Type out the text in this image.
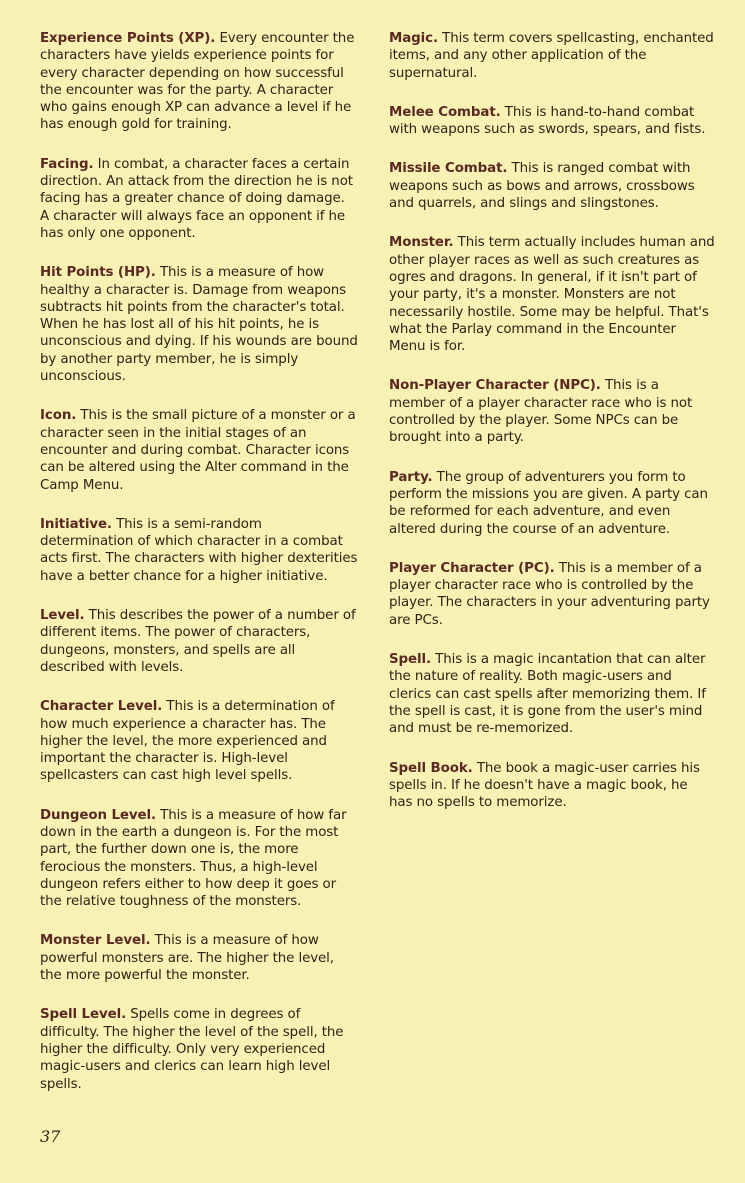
Experience Points (XP). Every encounter the characters have yields experience points for every character depending on how successful the encounter was for the party. A character who gains enough XP can advance a level if he has enough gold for training.

Facing. In combat, a character faces a certain direction. An attack from the direction he is not facing has a greater chance of doing damage. A character will always face an opponent if he has only one opponent.

Hit Points (HP). This is a measure of how healthy a character is. Damage from weapons subtracts hit points from the character's total. When he has lost all of his hit points, he is unconscious and dying. If his wounds are bound by another party member, he is simply unconscious.

Icon. This is the small picture of a monster or a character seen in the initial stages of an encounter and during combat. Character icons can be altered using the Alter command in the Camp Menu.

Initiative. This is a semi-random determination of which character in a combat acts first. The characters with higher dexterities have a better chance for a higher initiative.

Level. This describes the power of a number of different items. The power of characters, dungeons, monsters, and spells are all described with levels.

Character Level. This is a determination of how much experience a character has. The higher the level, the more experienced and important the character is. High-level spellcasters can cast high level spells.

Dungeon Level. This is a measure of how far down in the earth a dungeon is. For the most part, the further down one is, the more ferocious the monsters. Thus, a high-level dungeon refers either to how deep it goes or the relative toughness of the monsters.

Monster Level. This is a measure of how powerful monsters are. The higher the level, the more powerful the monster.

Spell Level. Spells come in degrees of difficulty. The higher the level of the spell, the higher the difficulty. Only very experienced magic-users and clerics can learn high level spells.

Magic. This term covers spellcasting, enchanted items, and any other application of the supernatural.

Melee Combat. This is hand-to-hand combat with weapons such as swords, spears, and fists.

Missile Combat. This is ranged combat with weapons such as bows and arrows, crossbows and quarrels, and slings and slingstones.

Monster. This term actually includes human and other player races as well as such creatures as ogres and dragons. In general, if it isn't part of your party, it's a monster. Monsters are not necessarily hostile. Some may be helpful. That's what the Parlay command in the Encounter Menu is for.

Non-Player Character (NPC). This is a member of a player character race who is not controlled by the player. Some NPCs can be brought into a party.

Party. The group of adventurers you form to perform the missions you are given. A party can be reformed for each adventure, and even altered during the course of an adventure.

Player Character (PC). This is a member of a player character race who is controlled by the player. The characters in your adventuring party are PCs.

Spell. This is a magic incantation that can alter the nature of reality. Both magic-users and clerics can cast spells after memorizing them. If the spell is cast, it is gone from the user's mind and must be re-memorized.

Spell Book. The book a magic-user carries his spells in. If he doesn't have a magic book, he has no spells to memorize.

37
